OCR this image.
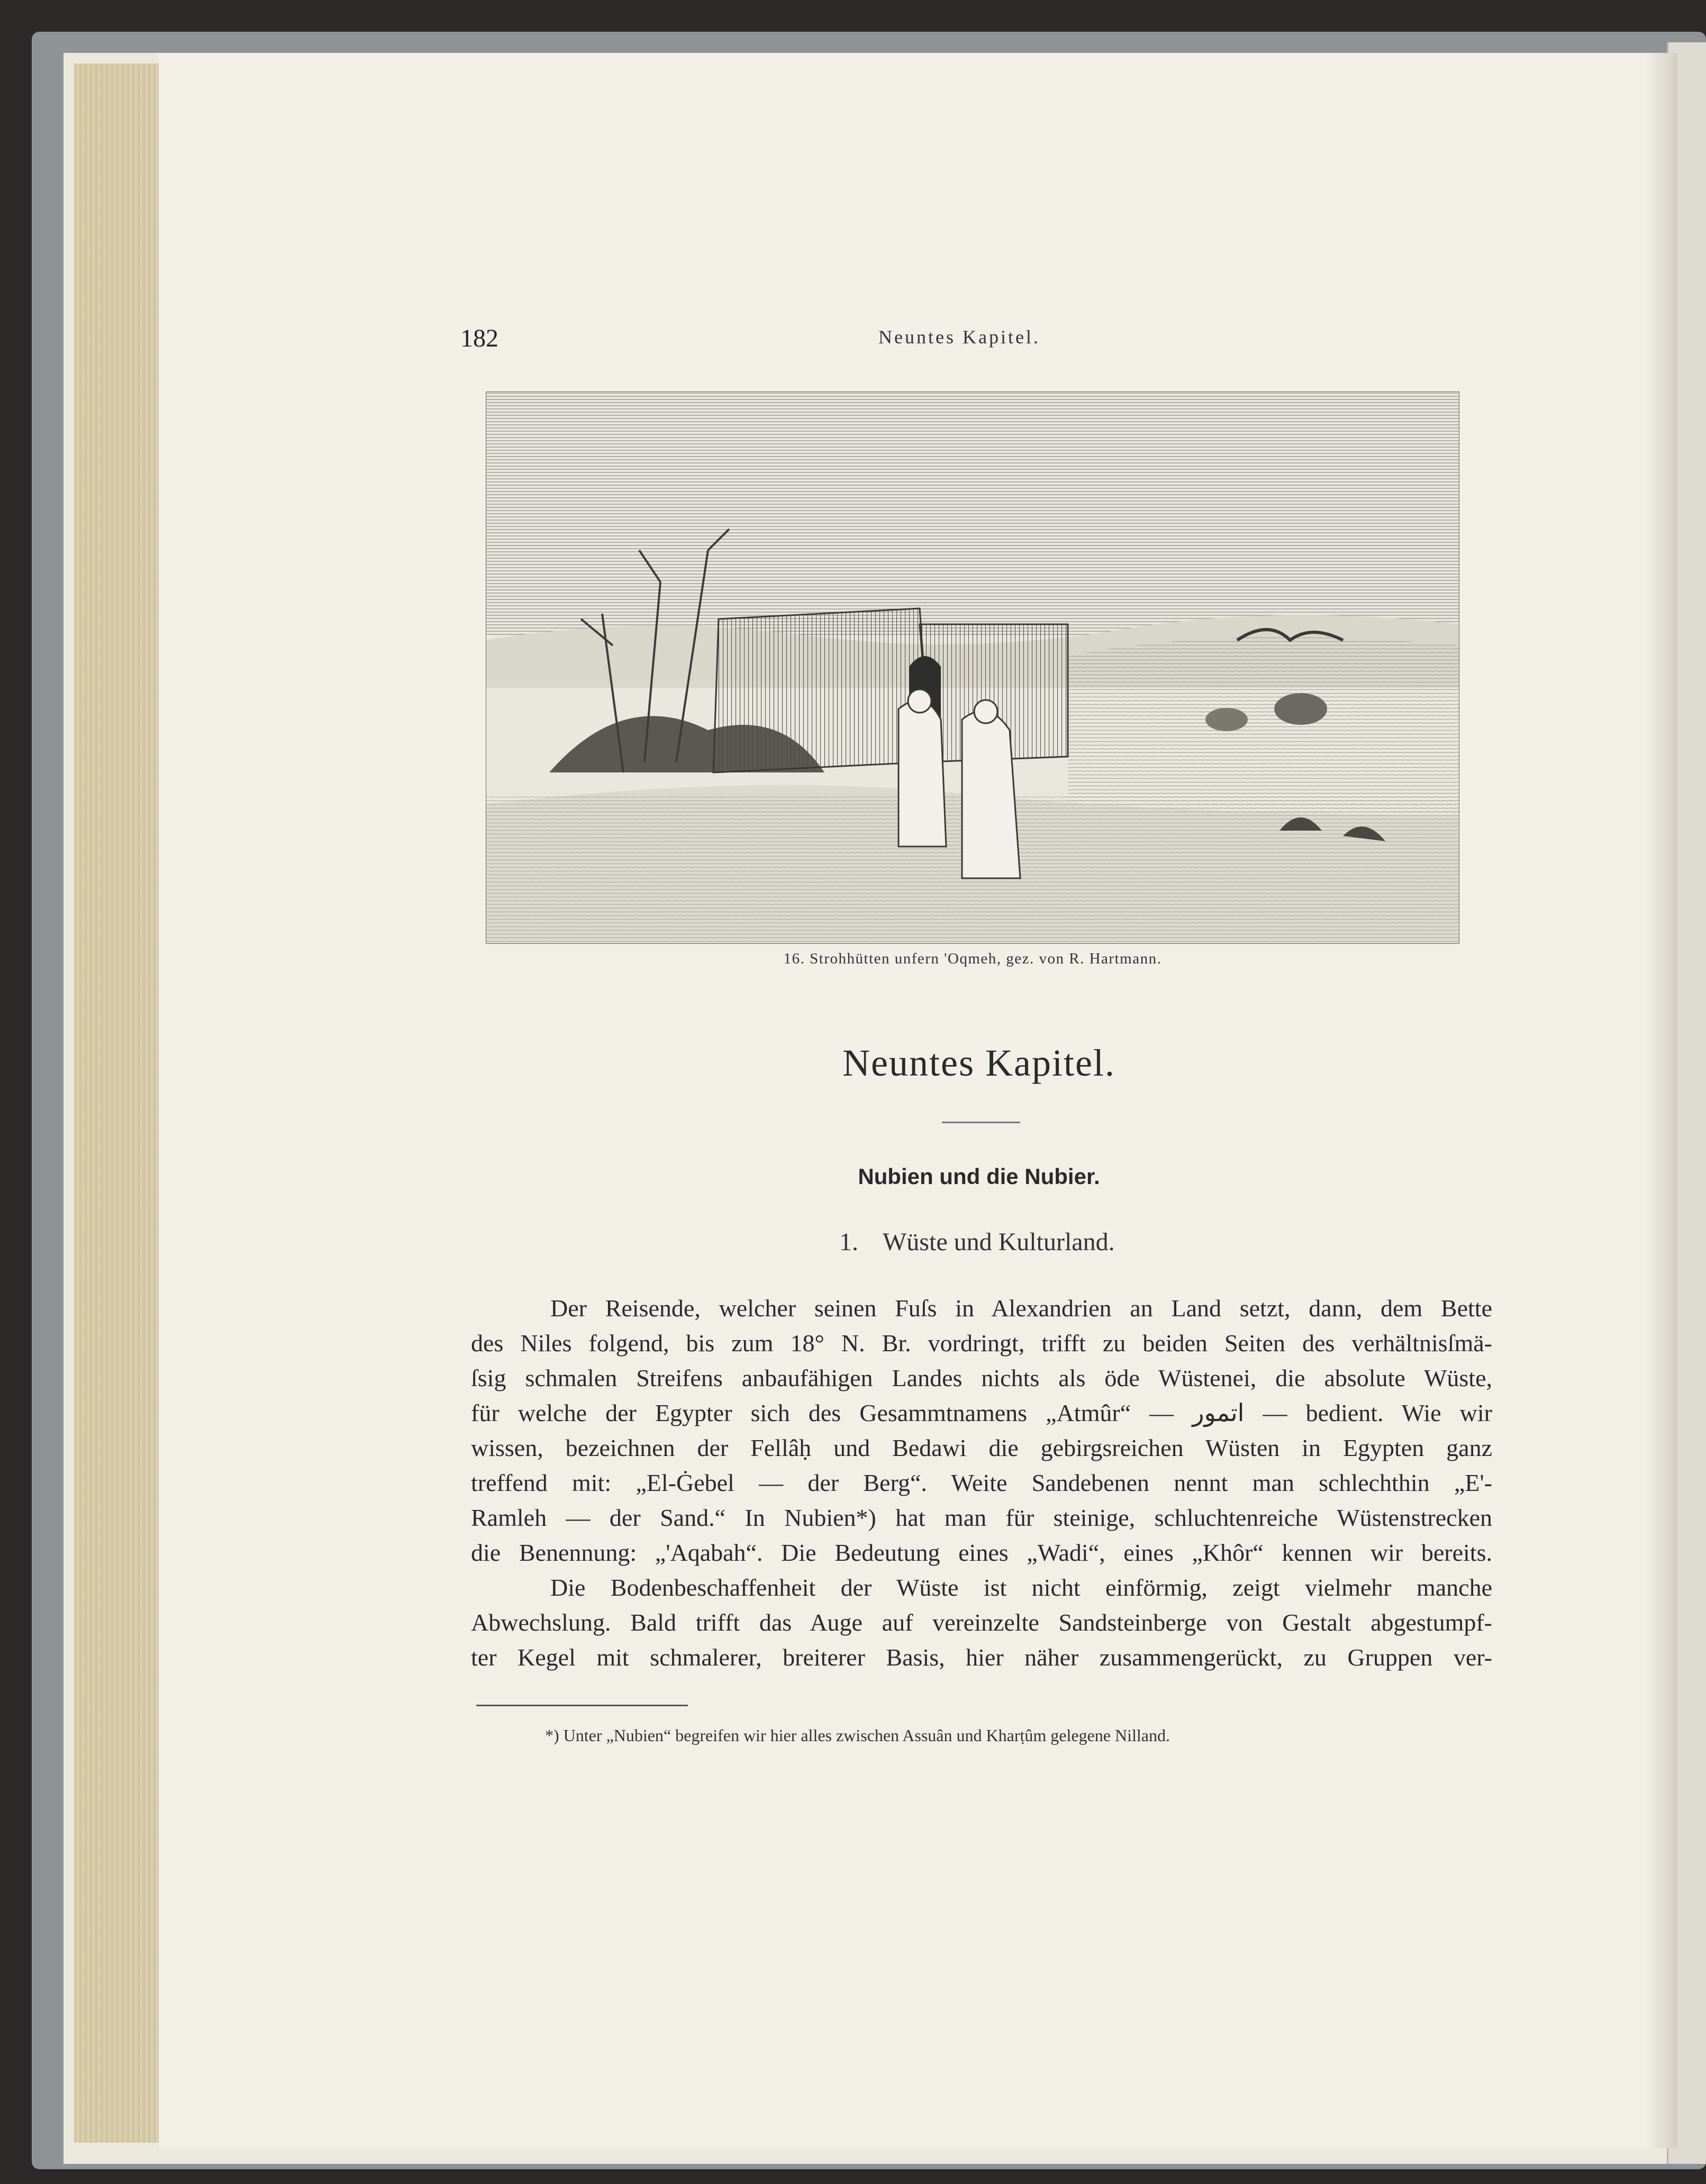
182	Neuntes Kapitel.
16. Strohhütten unfern 'Oqmeh, gez. von R. Hartmann.
Neuntes Kapitel.
Nubien und die Nubier.
1. Wüste und Kulturland.
Der Reisende, welcher seinen Fuſs in Alexandrien an Land setzt, dann, dem Bette
des Niles folgend, bis zum 18° N. Br. vordringt, trifft zu beiden Seiten des verhältnisſmä-
ſsig schmalen Streifens anbaufähigen Landes nichts als öde Wüstenei, die absolute Wüste,
für welche der Egypter sich des Gesammtnamens „Atmûr“ — اتمور — bedient. Wie wir
wissen, bezeichnen der Fellâḥ und Bedawi die gebirgsreichen Wüsten in Egypten ganz
treffend mit: „El-Ġebel — der Berg“. Weite Sandebenen nennt man schlechthin „E'-
Ramleh — der Sand.“ In Nubien*) hat man für steinige, schluchtenreiche Wüstenstrecken
die Benennung: „'Aqabah“. Die Bedeutung eines „Wadi“, eines „Khôr“ kennen wir bereits.
Die Bodenbeschaffenheit der Wüste ist nicht einförmig, zeigt vielmehr manche
Abwechslung. Bald trifft das Auge auf vereinzelte Sandsteinberge von Gestalt abgestumpf-
ter Kegel mit schmalerer, breiterer Basis, hier näher zusammengerückt, zu Gruppen ver-
*) Unter „Nubien“ begreifen wir hier alles zwischen Assuân und Kharṭûm gelegene Nilland.
